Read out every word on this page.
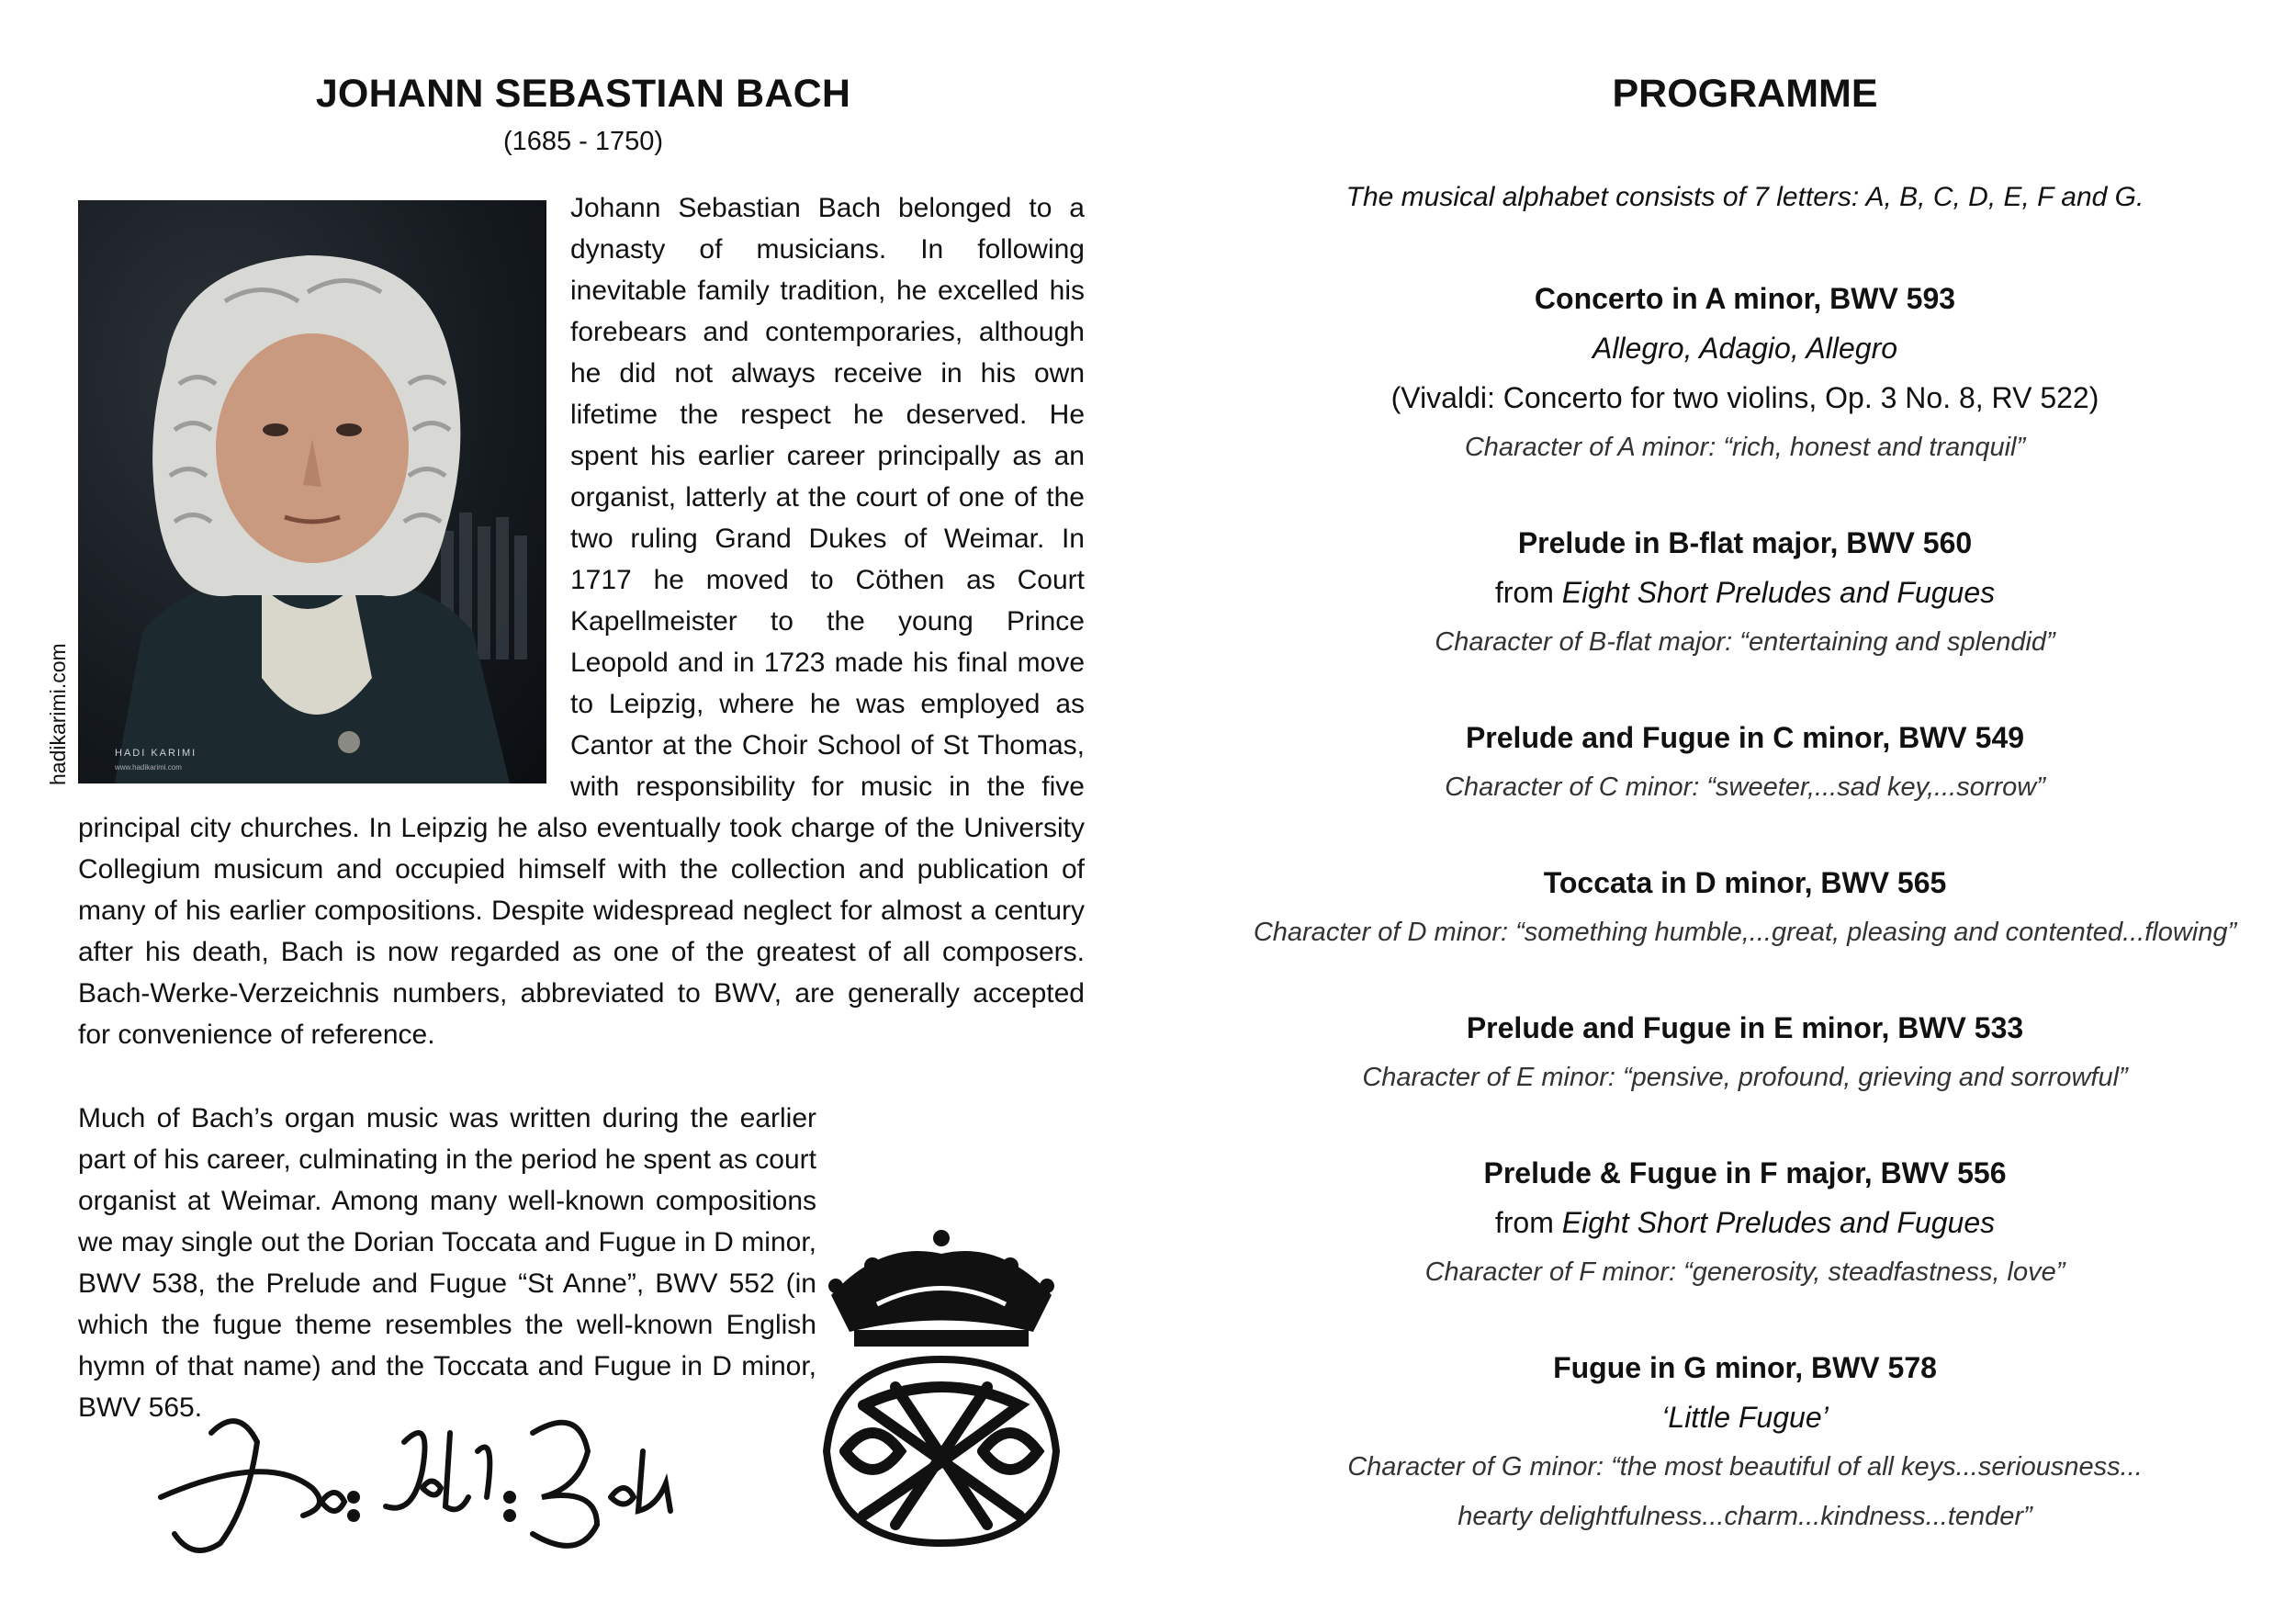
JOHANN SEBASTIAN BACH
(1685 - 1750)
HADI KARIMI
www.hadikarimi.com
hadikarimi.com

Johann Sebastian Bach belonged to a dynasty of musicians. In following inevitable family tradition, he excelled his forebears and contemporaries, although he did not always receive in his own lifetime the respect he deserved. He spent his earlier career principally as an organist, latterly at the court of one of the two ruling Grand Dukes of Weimar. In 1717 he moved to Cöthen as Court Kapellmeister to the young Prince Leopold and in 1723 made his final move to Leipzig, where he was employed as Cantor at the Choir School of St Thomas, with responsibility for music in the five principal city churches. In Leipzig he also eventually took charge of the University Collegium musicum and occupied himself with the collection and publication of many of his earlier compositions. Despite widespread neglect for almost a century after his death, Bach is now regarded as one of the greatest of all composers. Bach-Werke-Verzeichnis numbers, abbreviated to BWV, are generally accepted for convenience of reference.

Much of Bach’s organ music was written during the earlier part of his career, culminating in the period he spent as court organist at Weimar. Among many well-known compositions we may single out the Dorian Toccata and Fugue in D minor, BWV 538, the Prelude and Fugue “St Anne”, BWV 552 (in which the fugue theme resembles the well-known English hymn of that name) and the Toccata and Fugue in D minor, BWV 565.

PROGRAMME
The musical alphabet consists of 7 letters: A, B, C, D, E, F and G.
Concerto in A minor, BWV 593
Allegro, Adagio, Allegro
(Vivaldi: Concerto for two violins, Op. 3 No. 8, RV 522)
Character of A minor: “rich, honest and tranquil”
Prelude in B-flat major, BWV 560
from Eight Short Preludes and Fugues
Character of B-flat major: “entertaining and splendid”
Prelude and Fugue in C minor, BWV 549
Character of C minor: “sweeter,...sad key,...sorrow”
Toccata in D minor, BWV 565
Character of D minor: “something humble,...great, pleasing and contented...flowing”
Prelude and Fugue in E minor, BWV 533
Character of E minor: “pensive, profound, grieving and sorrowful”
Prelude & Fugue in F major, BWV 556
from Eight Short Preludes and Fugues
Character of F minor: “generosity, steadfastness, love”
Fugue in G minor, BWV 578
‘Little Fugue’
Character of G minor: “the most beautiful of all keys...seriousness...
hearty delightfulness...charm...kindness...tender”
